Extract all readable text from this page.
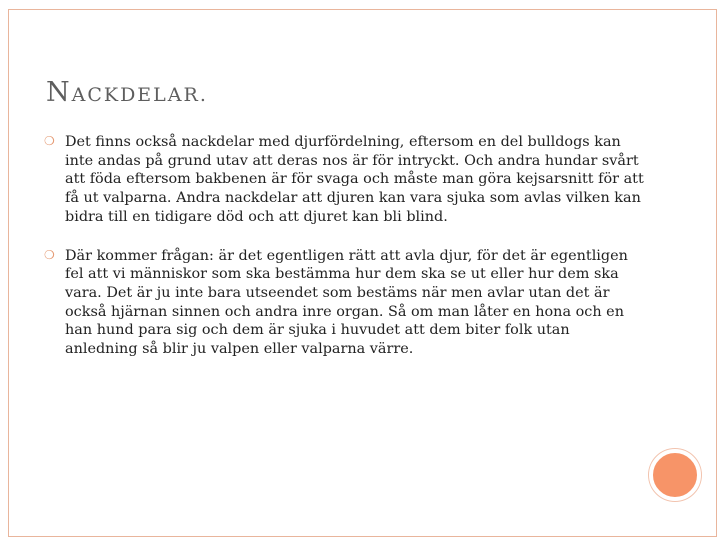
NACKDELAR.
❍ Det finns också nackdelar med djurfördelning, eftersom en del bulldogs kan inte andas på grund utav att deras nos är för intryckt. Och andra hundar svårt att föda eftersom bakbenen är för svaga och måste man göra kejsarsnitt för att få ut valparna. Andra nackdelar att djuren kan vara sjuka som avlas vilken kan bidra till en tidigare död och att djuret kan bli blind.
❍ Där kommer frågan: är det egentligen rätt att avla djur, för det är egentligen fel att vi människor som ska bestämma hur dem ska se ut eller hur dem ska vara. Det är ju inte bara utseendet som bestäms när men avlar utan det är också hjärnan sinnen och andra inre organ. Så om man låter en hona och en han hund para sig och dem är sjuka i huvudet att dem biter folk utan anledning så blir ju valpen eller valparna värre.
